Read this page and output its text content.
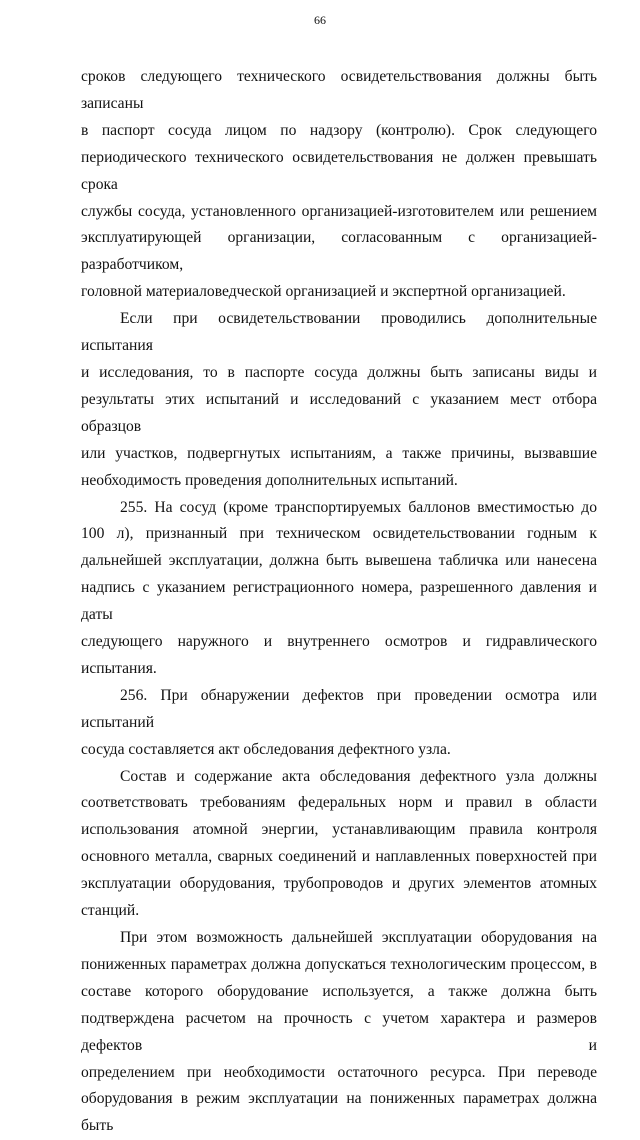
66

сроков следующего технического освидетельствования должны быть записаны

в паспорт сосуда лицом по надзору (контролю). Срок следующего

периодического технического освидетельствования не должен превышать срока

службы сосуда, установленного организацией-изготовителем или решением

эксплуатирующей организации, согласованным с организацией-разработчиком,

головной материаловедческой организацией и экспертной организацией.

Если при освидетельствовании проводились дополнительные испытания

и исследования, то в паспорте сосуда должны быть записаны виды и

результаты этих испытаний и исследований с указанием мест отбора образцов

или участков, подвергнутых испытаниям, а также причины, вызвавшие

необходимость проведения дополнительных испытаний.

255. На сосуд (кроме транспортируемых баллонов вместимостью до

100 л), признанный при техническом освидетельствовании годным к

дальнейшей эксплуатации, должна быть вывешена табличка или нанесена

надпись с указанием регистрационного номера, разрешенного давления и даты

следующего наружного и внутреннего осмотров и гидравлического испытания.

256. При обнаружении дефектов при проведении осмотра или испытаний

сосуда составляется акт обследования дефектного узла.

Состав и содержание акта обследования дефектного узла должны

соответствовать требованиям федеральных норм и правил в области

использования атомной энергии, устанавливающим правила контроля

основного металла, сварных соединений и наплавленных поверхностей при

эксплуатации оборудования, трубопроводов и других элементов атомных

станций.

При этом возможность дальнейшей эксплуатации оборудования на

пониженных параметрах должна допускаться технологическим процессом, в

составе которого оборудование используется, а также должна быть

подтверждена расчетом на прочность с учетом характера и размеров дефектов и

определением при необходимости остаточного ресурса. При переводе

оборудования в режим эксплуатации на пониженных параметрах должна быть
